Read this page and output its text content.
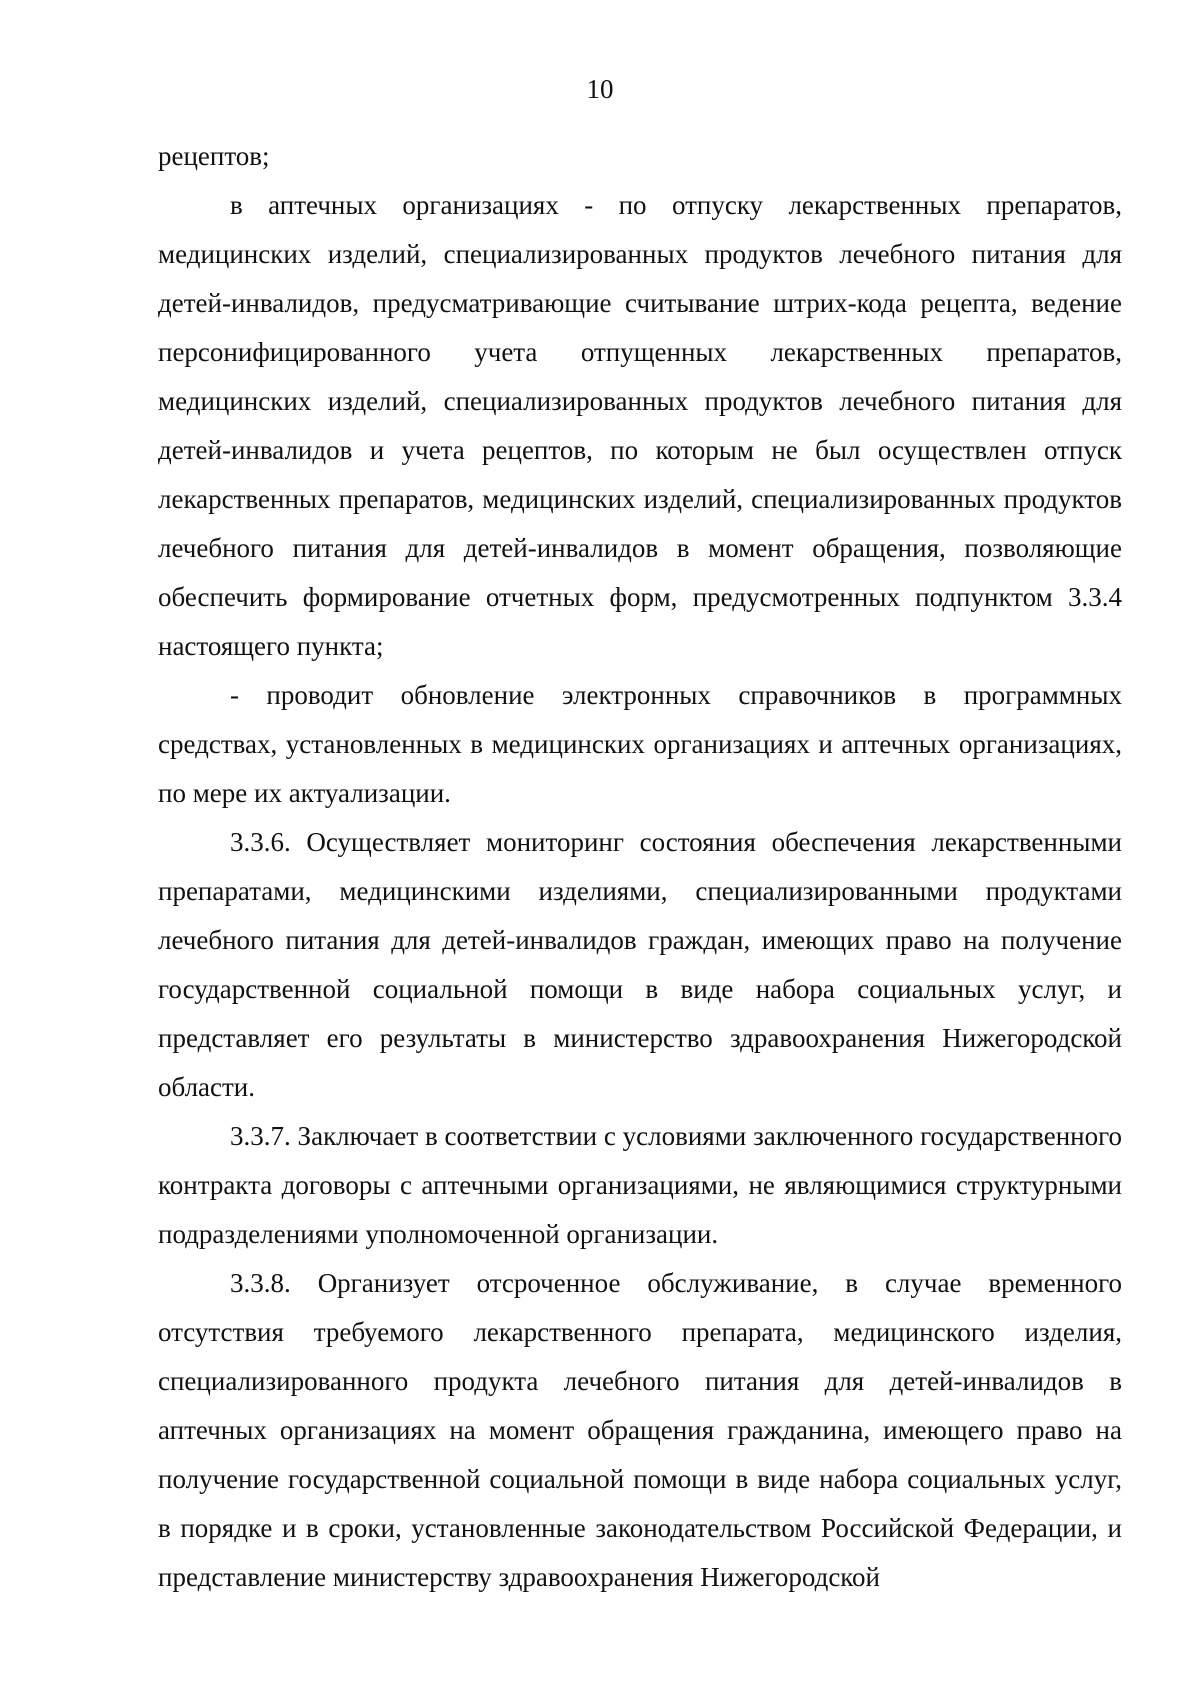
10

рецептов;

в аптечных организациях - по отпуску лекарственных препаратов, медицинских изделий, специализированных продуктов лечебного питания для детей-инвалидов, предусматривающие считывание штрих-кода рецепта, ведение персонифицированного учета отпущенных лекарственных препаратов, медицинских изделий, специализированных продуктов лечебного питания для детей-инвалидов и учета рецептов, по которым не был осуществлен отпуск лекарственных препаратов, медицинских изделий, специализированных продуктов лечебного питания для детей-инвалидов в момент обращения, позволяющие обеспечить формирование отчетных форм, предусмотренных подпунктом 3.3.4 настоящего пункта;

- проводит обновление электронных справочников в программных средствах, установленных в медицинских организациях и аптечных организациях, по мере их актуализации.

3.3.6. Осуществляет мониторинг состояния обеспечения лекарственными препаратами, медицинскими изделиями, специализированными продуктами лечебного питания для детей-инвалидов граждан, имеющих право на получение государственной социальной помощи в виде набора социальных услуг, и представляет его результаты в министерство здравоохранения Нижегородской области.

3.3.7. Заключает в соответствии с условиями заключенного государственного контракта договоры с аптечными организациями, не являющимися структурными подразделениями уполномоченной организации.

3.3.8. Организует отсроченное обслуживание, в случае временного отсутствия требуемого лекарственного препарата, медицинского изделия, специализированного продукта лечебного питания для детей-инвалидов в аптечных организациях на момент обращения гражданина, имеющего право на получение государственной социальной помощи в виде набора социальных услуг, в порядке и в сроки, установленные законодательством Российской Федерации, и представление министерству здравоохранения Нижегородской
